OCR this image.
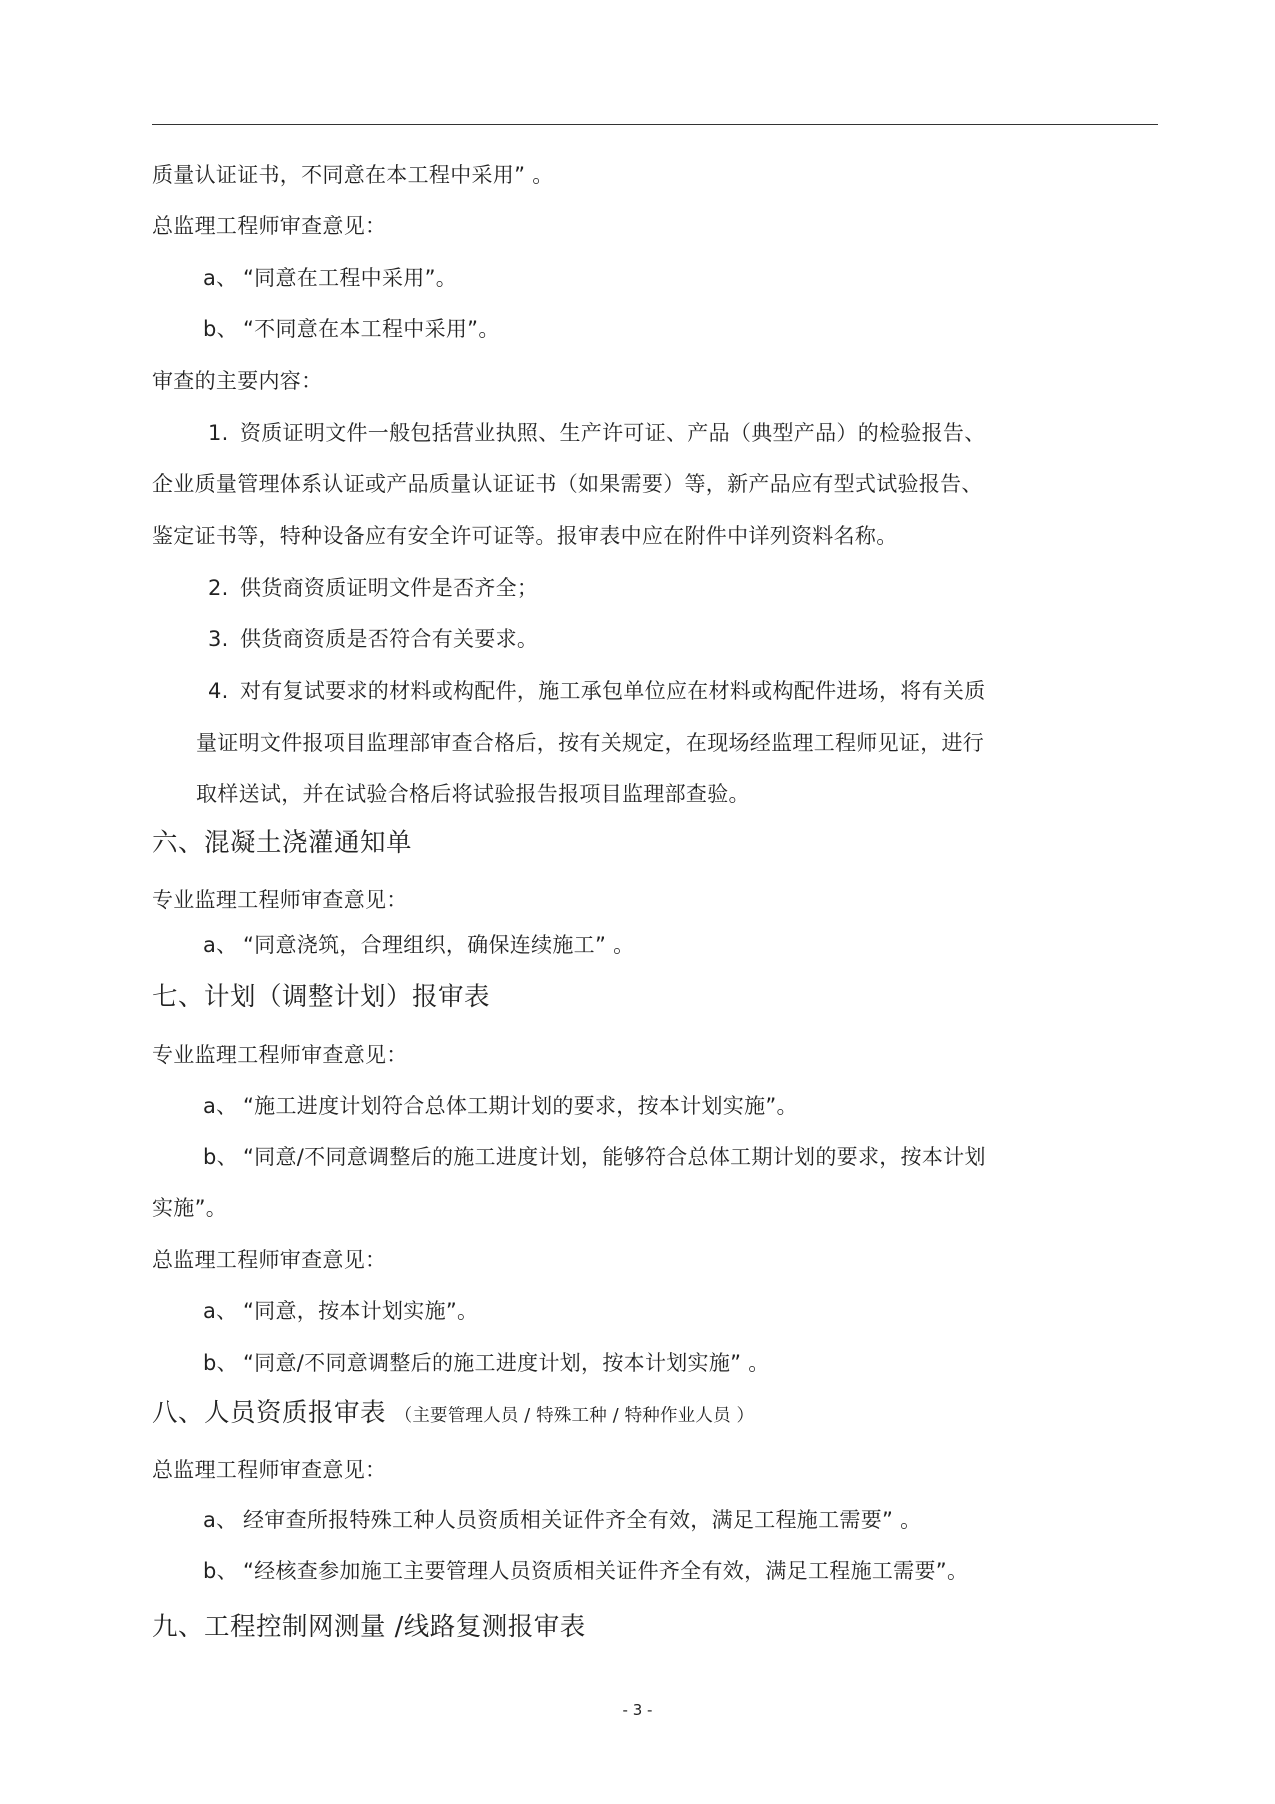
质量认证证书，不同意在本工程中采用” 。
总监理工程师审查意见：
a、 “同意在工程中采用”。
b、 “不同意在本工程中采用”。
审查的主要内容：
1. 资质证明文件一般包括营业执照、生产许可证、产品（典型产品）的检验报告、
企业质量管理体系认证或产品质量认证证书（如果需要）等，新产品应有型式试验报告、
鉴定证书等，特种设备应有安全许可证等。报审表中应在附件中详列资料名称。
2. 供货商资质证明文件是否齐全；
3. 供货商资质是否符合有关要求。
4. 对有复试要求的材料或构配件，施工承包单位应在材料或构配件进场，将有关质
量证明文件报项目监理部审查合格后，按有关规定，在现场经监理工程师见证，进行
取样送试，并在试验合格后将试验报告报项目监理部查验。
六、混凝土浇灌通知单
专业监理工程师审查意见：
a、 “同意浇筑，合理组织，确保连续施工” 。
七、计划（调整计划）报审表
专业监理工程师审查意见：
a、 “施工进度计划符合总体工期计划的要求，按本计划实施”。
b、 “同意/不同意调整后的施工进度计划，能够符合总体工期计划的要求，按本计划
实施”。
总监理工程师审查意见：
a、 “同意，按本计划实施”。
b、 “同意/不同意调整后的施工进度计划，按本计划实施” 。
八、人员资质报审表 （主要管理人员 / 特殊工种 / 特种作业人员 ）
总监理工程师审查意见：
a、 经审查所报特殊工种人员资质相关证件齐全有效，满足工程施工需要” 。
b、 “经核查参加施工主要管理人员资质相关证件齐全有效，满足工程施工需要”。
九、工程控制网测量 /线路复测报审表
- 3 -
